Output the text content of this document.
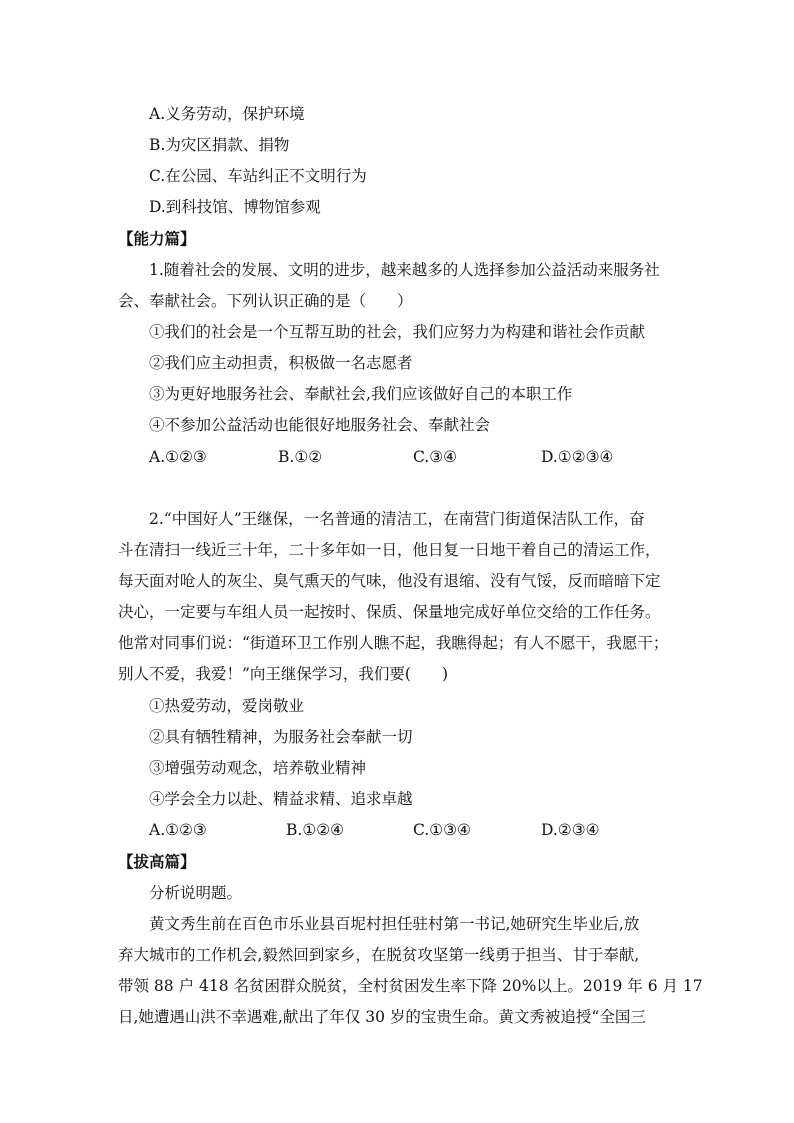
A.义务劳动，保护环境
B.为灾区捐款、捐物
C.在公园、车站纠正不文明行为
D.到科技馆、博物馆参观
【能力篇】
1.随着社会的发展、文明的进步，越来越多的人选择参加公益活动来服务社
会、奉献社会。下列认识正确的是（　　）
①我们的社会是一个互帮互助的社会，我们应努力为构建和谐社会作贡献
②我们应主动担责，积极做一名志愿者
③为更好地服务社会、奉献社会,我们应该做好自己的本职工作
④不参加公益活动也能很好地服务社会、奉献社会
A.①②③	B.①②	C.③④	D.①②③④
2.“中国好人”王继保，一名普通的清洁工，在南营门街道保洁队工作，奋
斗在清扫一线近三十年，二十多年如一日，他日复一日地干着自己的清运工作，
每天面对呛人的灰尘、臭气熏天的气味，他没有退缩、没有气馁，反而暗暗下定
决心，一定要与车组人员一起按时、保质、保量地完成好单位交给的工作任务。
他常对同事们说：“街道环卫工作别人瞧不起，我瞧得起；有人不愿干，我愿干；
别人不爱，我爱！”向王继保学习，我们要(　　)
①热爱劳动，爱岗敬业
②具有牺牲精神，为服务社会奉献一切
③增强劳动观念，培养敬业精神
④学会全力以赴、精益求精、追求卓越
A.①②③	B.①②④	C.①③④	D.②③④
【拔高篇】
分析说明题。
黄文秀生前在百色市乐业县百坭村担任驻村第一书记,她研究生毕业后,放
弃大城市的工作机会,毅然回到家乡，在脱贫攻坚第一线勇于担当、甘于奉献,
带领 88 户 418 名贫困群众脱贫，全村贫困发生率下降 20%以上。2019 年 6 月 17
日,她遭遇山洪不幸遇难,献出了年仅 30 岁的宝贵生命。黄文秀被追授“全国三
